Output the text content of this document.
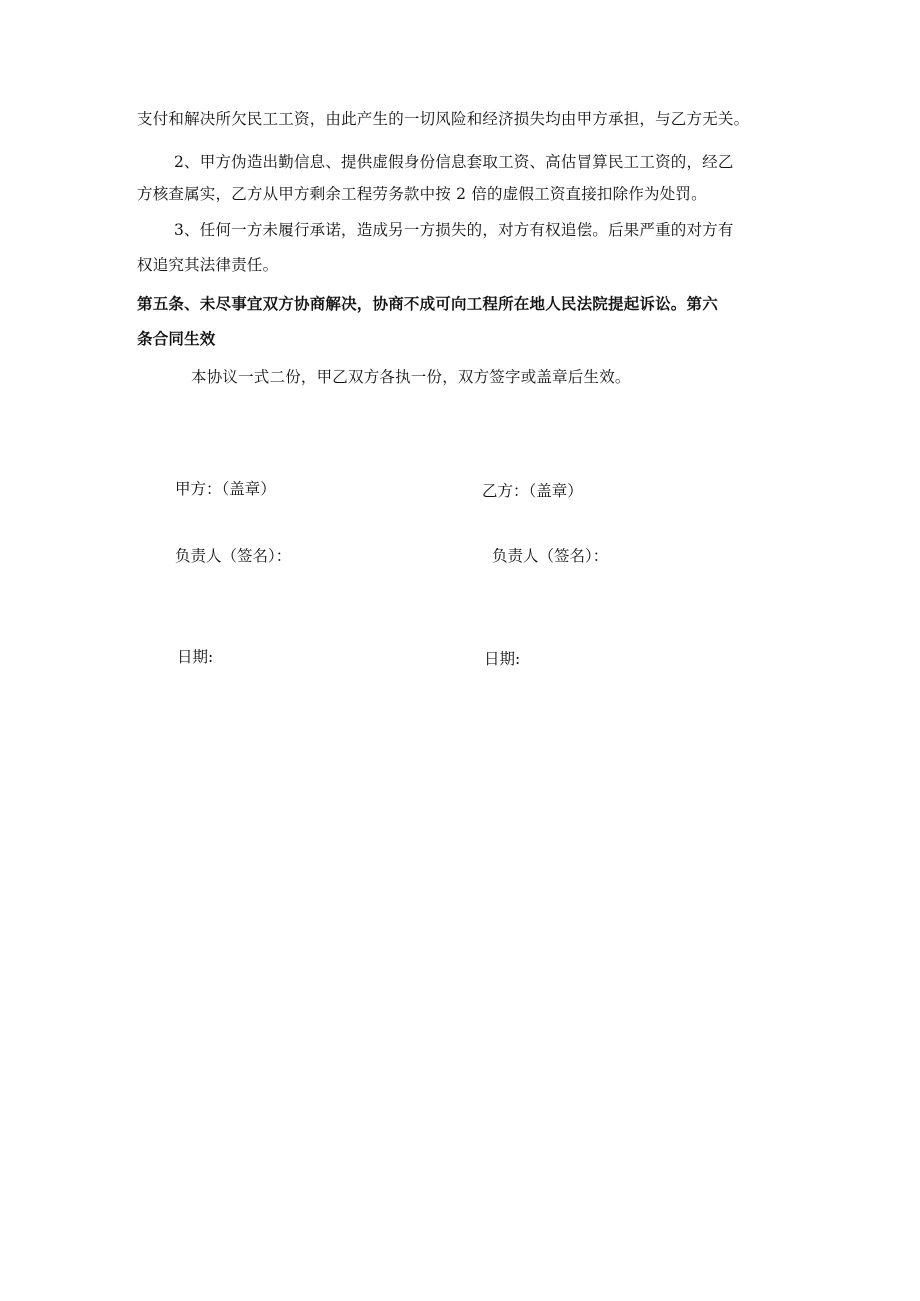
支付和解决所欠民工工资，由此产生的一切风险和经济损失均由甲方承担，与乙方无关。
2、甲方伪造出勤信息、提供虚假身份信息套取工资、高估冒算民工工资的，经乙
方核查属实，乙方从甲方剩余工程劳务款中按 2 倍的虚假工资直接扣除作为处罚。
3、任何一方未履行承诺，造成另一方损失的，对方有权追偿。后果严重的对方有
权追究其法律责任。
第五条、未尽事宜双方协商解决，协商不成可向工程所在地人民法院提起诉讼。第六
条合同生效
本协议一式二份，甲乙双方各执一份，双方签字或盖章后生效。
甲方：（盖章）	乙方：（盖章）
负责人（签名）：	负责人（签名）：
日期:	日期:
